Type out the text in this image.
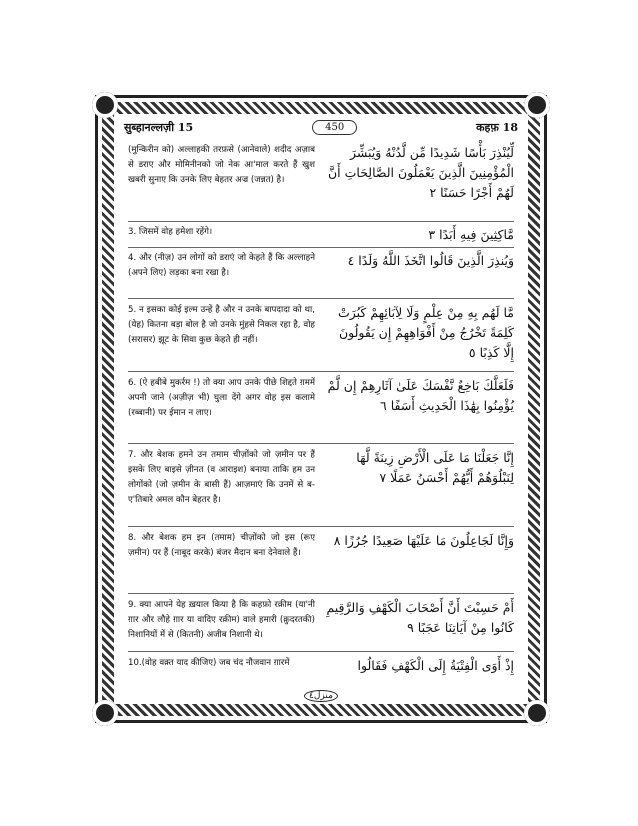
सुब्हानल्लज़ी 15	450	कहफ़ 18
(मुन्किरीन को) अल्लाहकी तरफ़से (आनेवाले) शदीद अज़ाब से डराए और मोमिनीनको जो नेक आ'माल करते हैं खुश खबरी सुनाए कि उनके लिए बेहतर अज्र (जन्नत) है।
لِّيُنْذِرَ بَأْسًا شَدِيدًا مِّن لَّدُنْهُ وَيُبَشِّرَ الْمُؤْمِنِينَ الَّذِينَ يَعْمَلُونَ الصَّالِحَاتِ أَنَّ لَهُمْ أَجْرًا حَسَنًا ٢
3. जिसमें वोह हमेशा रहेंगे।	مَّاكِثِينَ فِيهِ أَبَدًا ٣
4. और (नीज़) उन लोगों को डराएं जो केहते हैं कि अल्लाहने (अपने लिए) लड़का बना रखा है।
وَيُنذِرَ الَّذِينَ قَالُوا اتَّخَذَ اللَّهُ وَلَدًا ٤
5. न इसका कोई इल्म उन्हें है और न उनके बापदादा को था, (येह) कितना बड़ा बोल है जो उनके मुंहसे निकल रहा है, वोह (सरासर) झूट के सिवा कुछ केहते ही नहीं।
مَّا لَهُم بِهِ مِنْ عِلْمٍ وَلَا لِآبَائِهِمْ كَبُرَتْ كَلِمَةً تَخْرُجُ مِنْ أَفْوَاهِهِمْ إِن يَقُولُونَ إِلَّا كَذِبًا ٥
6. (ऐ हबीबे मुकर्रम !) तो क्या आप उनके पीछे शिद्दते ग़ममें अपनी जाने (अज़ीज़ भी) घुला देंगे अगर वोह इस कलामे (रब्बानी) पर ईमान न लाए।
فَلَعَلَّكَ بَاخِعٌ نَّفْسَكَ عَلَىٰ آثَارِهِمْ إِن لَّمْ يُؤْمِنُوا بِهَٰذَا الْحَدِيثِ أَسَفًا ٦
7. और बेशक हमने उन तमाम चीज़ोंको जो ज़मीन पर हैं इसके लिए बाइसे ज़ीनत (व आराइश) बनाया ताकि हम उन लोगोंको (जो ज़मीन के बासी हैं) आज़माएं कि उनमें से ब-ए'तिबारे अमल कौन बेहतर है।
إِنَّا جَعَلْنَا مَا عَلَى الْأَرْضِ زِينَةً لَّهَا لِنَبْلُوَهُمْ أَيُّهُمْ أَحْسَنُ عَمَلًا ٧
8. और बेशक हम इन (तमाम) चीज़ोंको जो इस (रूए ज़मीन) पर हैं (नाबूद करके) बंजर मैदान बना देनेवाले हैं।
وَإِنَّا لَجَاعِلُونَ مَا عَلَيْهَا صَعِيدًا جُرُزًا ٨
9. क्या आपने येह ख़याल किया है कि कहफ़ो रक़ीम (या'नी ग़ार और लौहे ग़ार या वादिए रक़ीम) वाले हमारी (क़ुदरतकी) निशानियों में से (कितनी) अजीब निशानी थे।
أَمْ حَسِبْتَ أَنَّ أَصْحَابَ الْكَهْفِ وَالرَّقِيمِ كَانُوا مِنْ آيَاتِنَا عَجَبًا ٩
10.(वोह वक़्त याद कीजिए) जब चंद नौजवान ग़ारमें	إِذْ أَوَى الْفِتْيَةُ إِلَى الْكَهْفِ فَقَالُوا
منزل٤
